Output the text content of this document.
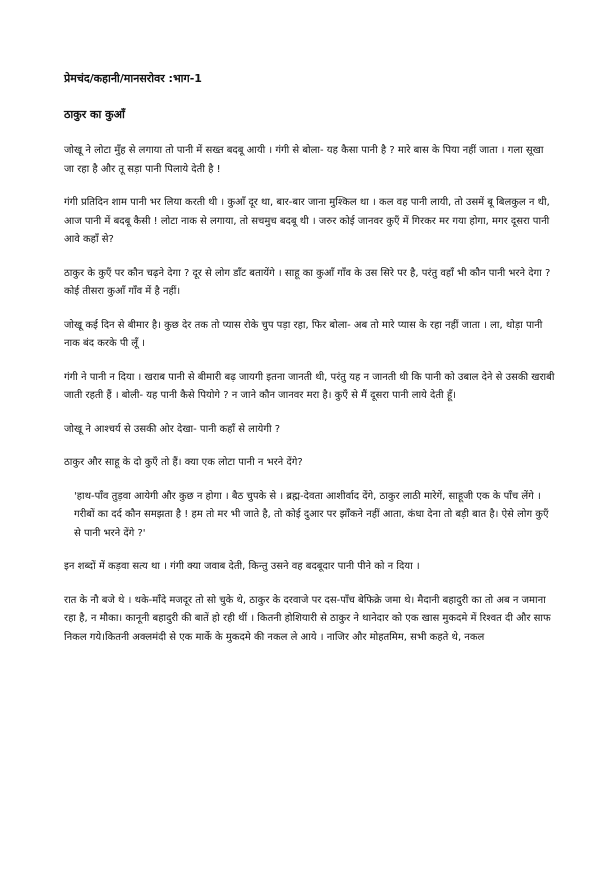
प्रेमचंद/कहानी/मानसरोवर :भाग-1
ठाकुर का कुआँ

जोखू ने लोटा मुँह से लगाया तो पानी में सख्त बदबू आयी । गंगी से बोला- यह कैसा पानी है ? मारे बास के पिया नहीं जाता । गला सूखा जा रहा है और तू सड़ा पानी पिलाये देती है !

गंगी प्रतिदिन शाम पानी भर लिया करती थी । कुआँ दूर था, बार-बार जाना मुश्किल था । कल वह पानी लायी, तो उसमें बू बिलकुल न थी, आज पानी में बदबू कैसी ! लोटा नाक से लगाया, तो सचमुच बदबू थी । जरुर कोई जानवर कुएँ में गिरकर मर गया होगा, मगर दूसरा पानी आवे कहाँ से?

ठाकुर के कुएँ पर कौन चढ़ने देगा ? दूर से लोग डाँट बतायेंगे । साहू का कुआँ गाँव के उस सिरे पर है, परंतु वहाँ भी कौन पानी भरने देगा ? कोई तीसरा कुआँ गाँव में है नहीं।

जोखू कई दिन से बीमार है। कुछ देर तक तो प्यास रोके चुप पड़ा रहा, फिर बोला- अब तो मारे प्यास के रहा नहीं जाता । ला, थोड़ा पानी नाक बंद करके पी लूँ ।

गंगी ने पानी न दिया । खराब पानी से बीमारी बढ़ जायगी इतना जानती थी, परंतु यह न जानती थी कि पानी को उबाल देने से उसकी खराबी जाती रहती हैं । बोली- यह पानी कैसे पियोगे ? न जाने कौन जानवर मरा है। कुएँ से मैं दूसरा पानी लाये देती हूँ।

जोखू ने आश्चर्य से उसकी ओर देखा- पानी कहाँ से लायेगी ?

ठाकुर और साहू के दो कुएँ तो हैं। क्या एक लोटा पानी न भरने देंगे?

'हाथ-पाँव तुड़वा आयेगी और कुछ न होगा । बैठ चुपके से । ब्रह्म-देवता आशीर्वाद देंगे, ठाकुर लाठी मारेगें, साहूजी एक के पाँच लेंगे । गरीबों का दर्द कौन समझता है ! हम तो मर भी जाते है, तो कोई दुआर पर झाँकने नहीं आता, कंधा देना तो बड़ी बात है। ऐसे लोग कुएँ से पानी भरने देंगे ?'

इन शब्दों में कड़वा सत्य था । गंगी क्या जवाब देती, किन्तु उसने वह बदबूदार पानी पीने को न दिया ।

रात के नौ बजे थे । थके-माँदे मजदूर तो सो चुके थे, ठाकुर के दरवाजे पर दस-पाँच बेफिक्रे जमा थे। मैदानी बहादुरी का तो अब न जमाना रहा है, न मौका। कानूनी बहादुरी की बातें हो रही थीं । कितनी होशियारी से ठाकुर ने थानेदार को एक खास मुकदमे में रिश्वत दी और साफ निकल गये।कितनी अक्लमंदी से एक मार्के के मुकदमे की नकल ले आये । नाजिर और मोहतमिम, सभी कहते थे, नकल
